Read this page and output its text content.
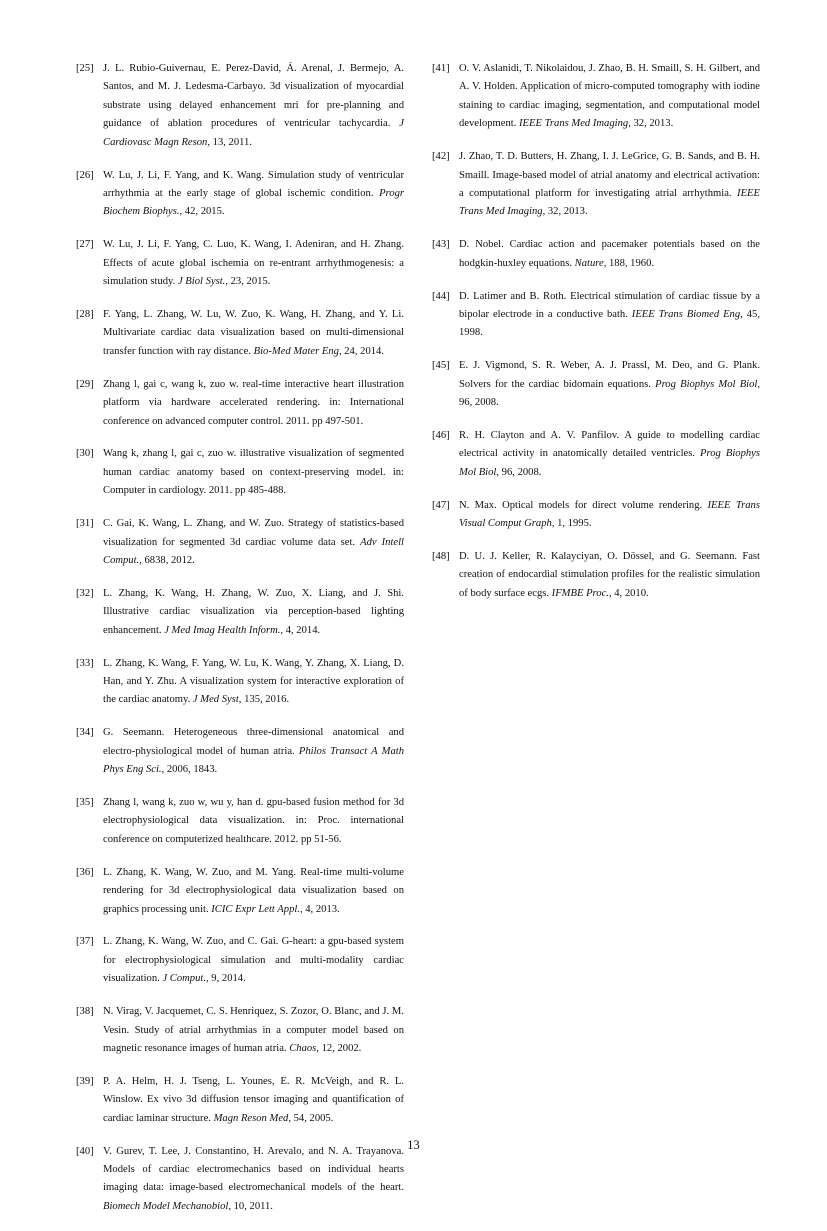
[25] J. L. Rubio-Guivernau, E. Perez-David, Á. Arenal, J. Bermejo, A. Santos, and M. J. Ledesma-Carbayo. 3d visualization of myocardial substrate using delayed enhancement mri for pre-planning and guidance of ablation procedures of ventricular tachycardia. J Cardiovasc Magn Reson, 13, 2011.
[26] W. Lu, J. Li, F. Yang, and K. Wang. Simulation study of ventricular arrhythmia at the early stage of global ischemic condition. Progr Biochem Biophys., 42, 2015.
[27] W. Lu, J. Li, F. Yang, C. Luo, K. Wang, I. Adeniran, and H. Zhang. Effects of acute global ischemia on re-entrant arrhythmogenesis: a simulation study. J Biol Syst., 23, 2015.
[28] F. Yang, L. Zhang, W. Lu, W. Zuo, K. Wang, H. Zhang, and Y. Li. Multivariate cardiac data visualization based on multi-dimensional transfer function with ray distance. Bio-Med Mater Eng, 24, 2014.
[29] Zhang l, gai c, wang k, zuo w. real-time interactive heart illustration platform via hardware accelerated rendering. in: International conference on advanced computer control. 2011. pp 497-501.
[30] Wang k, zhang l, gai c, zuo w. illustrative visualization of segmented human cardiac anatomy based on context-preserving model. in: Computer in cardiology. 2011. pp 485-488.
[31] C. Gai, K. Wang, L. Zhang, and W. Zuo. Strategy of statistics-based visualization for segmented 3d cardiac volume data set. Adv Intell Comput., 6838, 2012.
[32] L. Zhang, K. Wang, H. Zhang, W. Zuo, X. Liang, and J. Shi. Illustrative cardiac visualization via perception-based lighting enhancement. J Med Imag Health Inform., 4, 2014.
[33] L. Zhang, K. Wang, F. Yang, W. Lu, K. Wang, Y. Zhang, X. Liang, D. Han, and Y. Zhu. A visualization system for interactive exploration of the cardiac anatomy. J Med Syst, 135, 2016.
[34] G. Seemann. Heterogeneous three-dimensional anatomical and electro-physiological model of human atria. Philos Transact A Math Phys Eng Sci., 2006, 1843.
[35] Zhang l, wang k, zuo w, wu y, han d. gpu-based fusion method for 3d electrophysiological data visualization. in: Proc. international conference on computerized healthcare. 2012. pp 51-56.
[36] L. Zhang, K. Wang, W. Zuo, and M. Yang. Real-time multi-volume rendering for 3d electrophysiological data visualization based on graphics processing unit. ICIC Expr Lett Appl., 4, 2013.
[37] L. Zhang, K. Wang, W. Zuo, and C. Gai. G-heart: a gpu-based system for electrophysiological simulation and multi-modality cardiac visualization. J Comput., 9, 2014.
[38] N. Virag, V. Jacquemet, C. S. Henriquez, S. Zozor, O. Blanc, and J. M. Vesin. Study of atrial arrhythmias in a computer model based on magnetic resonance images of human atria. Chaos, 12, 2002.
[39] P. A. Helm, H. J. Tseng, L. Younes, E. R. McVeigh, and R. L. Winslow. Ex vivo 3d diffusion tensor imaging and quantification of cardiac laminar structure. Magn Reson Med, 54, 2005.
[40] V. Gurev, T. Lee, J. Constantino, H. Arevalo, and N. A. Trayanova. Models of cardiac electromechanics based on individual hearts imaging data: image-based electromechanical models of the heart. Biomech Model Mechanobiol, 10, 2011.
[41] O. V. Aslanidi, T. Nikolaidou, J. Zhao, B. H. Smaill, S. H. Gilbert, and A. V. Holden. Application of micro-computed tomography with iodine staining to cardiac imaging, segmentation, and computational model development. IEEE Trans Med Imaging, 32, 2013.
[42] J. Zhao, T. D. Butters, H. Zhang, I. J. LeGrice, G. B. Sands, and B. H. Smaill. Image-based model of atrial anatomy and electrical activation: a computational platform for investigating atrial arrhythmia. IEEE Trans Med Imaging, 32, 2013.
[43] D. Nobel. Cardiac action and pacemaker potentials based on the hodgkin-huxley equations. Nature, 188, 1960.
[44] D. Latimer and B. Roth. Electrical stimulation of cardiac tissue by a bipolar electrode in a conductive bath. IEEE Trans Biomed Eng, 45, 1998.
[45] E. J. Vigmond, S. R. Weber, A. J. Prassl, M. Deo, and G. Plank. Solvers for the cardiac bidomain equations. Prog Biophys Mol Biol, 96, 2008.
[46] R. H. Clayton and A. V. Panfilov. A guide to modelling cardiac electrical activity in anatomically detailed ventricles. Prog Biophys Mol Biol, 96, 2008.
[47] N. Max. Optical models for direct volume rendering. IEEE Trans Visual Comput Graph, 1, 1995.
[48] D. U. J. Keller, R. Kalayciyan, O. Dössel, and G. Seemann. Fast creation of endocardial stimulation profiles for the realistic simulation of body surface ecgs. IFMBE Proc., 4, 2010.
13
